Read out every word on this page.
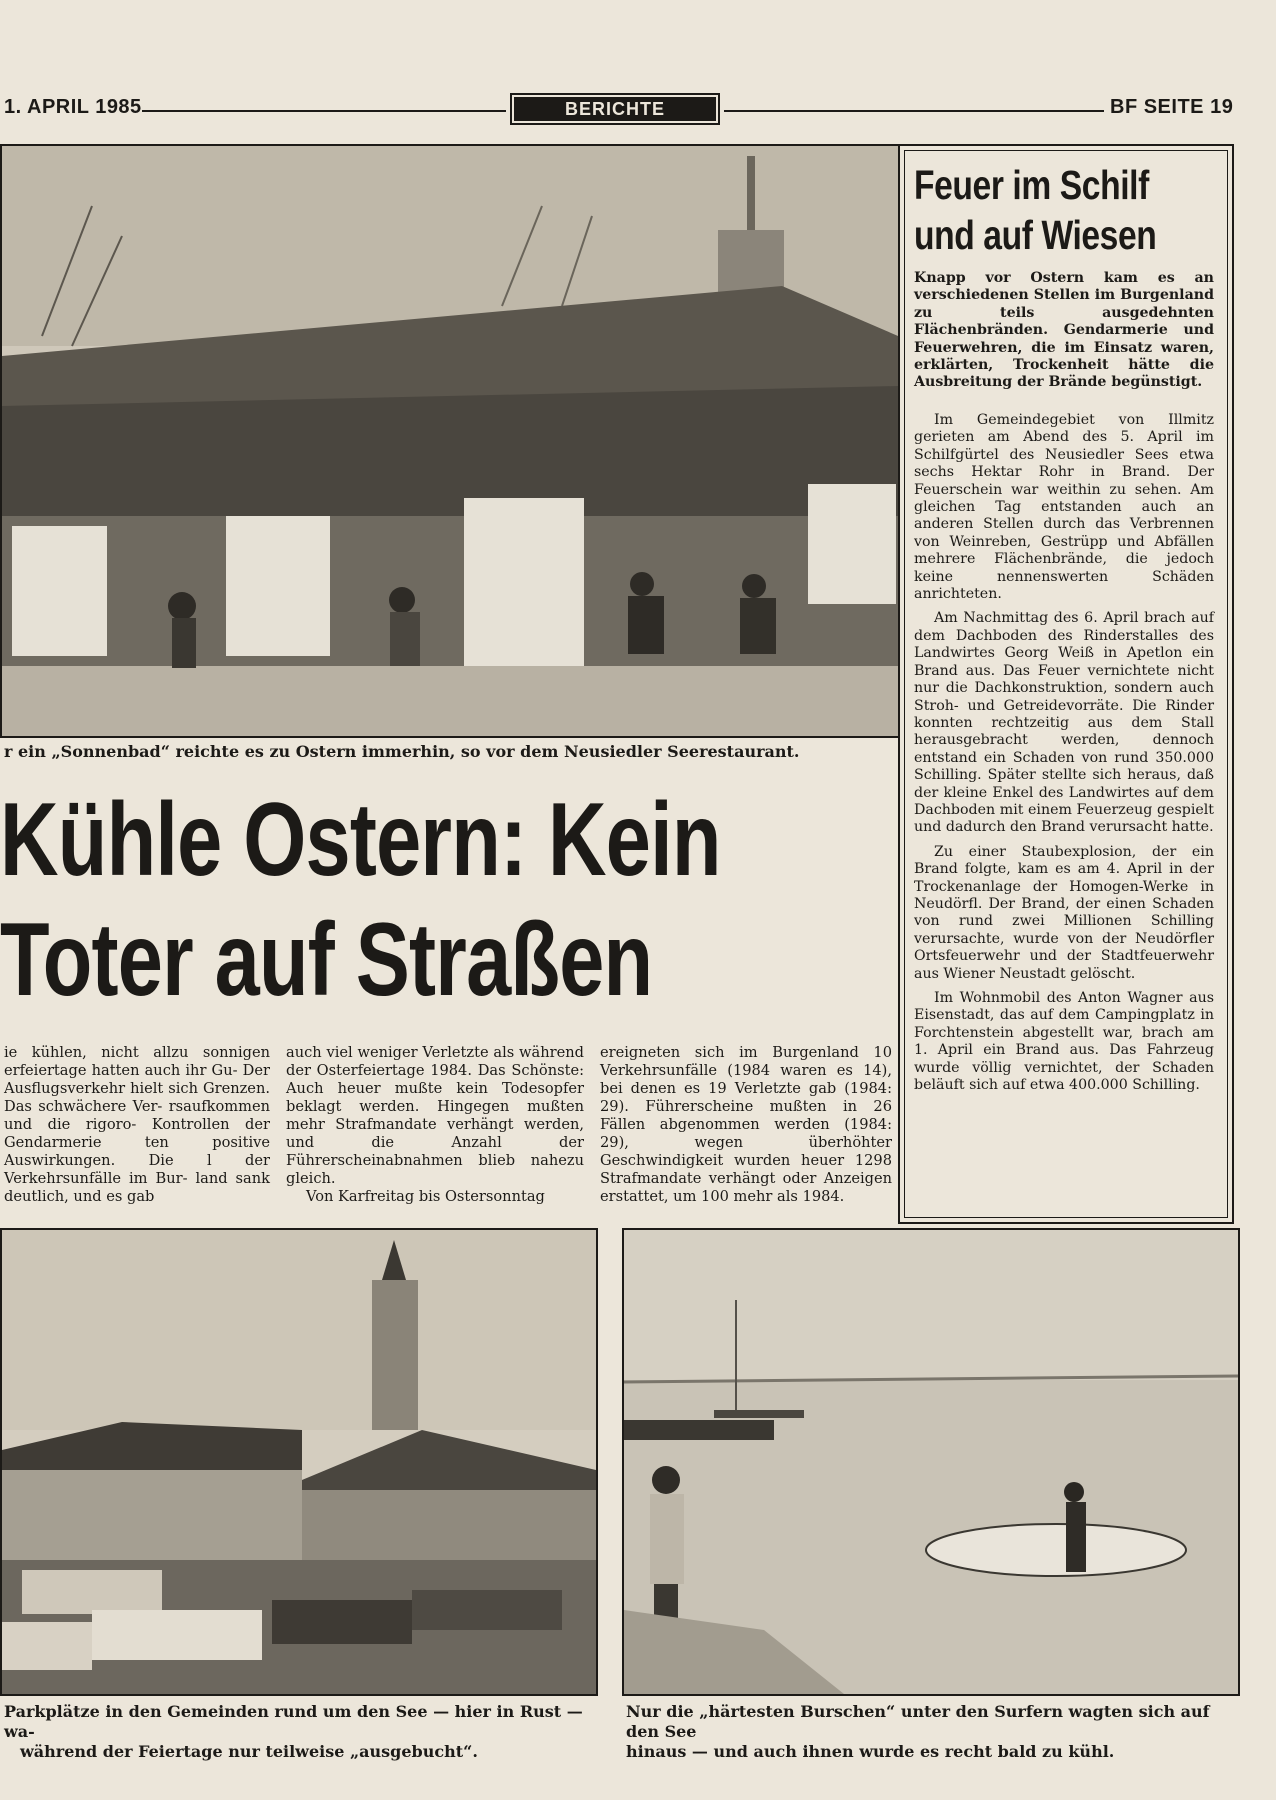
1. APRIL 1985	BERICHTE	BF SEITE 19
r ein „Sonnenbad“ reichte es zu Ostern immerhin, so vor dem Neusiedler Seerestaurant.
Feuer im Schilf
und auf Wiesen

Knapp vor Ostern kam es an verschiedenen Stellen im Burgenland zu teils ausgedehnten Flächenbränden. Gendarmerie und Feuerwehren, die im Einsatz waren, erklärten, Trockenheit hätte die Ausbreitung der Brände begünstigt.

Im Gemeindegebiet von Illmitz gerieten am Abend des 5. April im Schilfgürtel des Neusiedler Sees etwa sechs Hektar Rohr in Brand. Der Feuerschein war weithin zu sehen. Am gleichen Tag entstanden auch an anderen Stellen durch das Verbrennen von Weinreben, Gestrüpp und Abfällen mehrere Flächenbrände, die jedoch keine nennenswerten Schäden anrichteten.

Am Nachmittag des 6. April brach auf dem Dachboden des Rinderstalles des Landwirtes Georg Weiß in Apetlon ein Brand aus. Das Feuer vernichtete nicht nur die Dachkonstruktion, sondern auch Stroh- und Getreidevorräte. Die Rinder konnten rechtzeitig aus dem Stall herausgebracht werden, dennoch entstand ein Schaden von rund 350.000 Schilling. Später stellte sich heraus, daß der kleine Enkel des Landwirtes auf dem Dachboden mit einem Feuerzeug gespielt und dadurch den Brand verursacht hatte.

Zu einer Staubexplosion, der ein Brand folgte, kam es am 4. April in der Trockenanlage der Homogen-Werke in Neudörfl. Der Brand, der einen Schaden von rund zwei Millionen Schilling verursachte, wurde von der Neudörfler Ortsfeuerwehr und der Stadtfeuerwehr aus Wiener Neustadt gelöscht.

Im Wohnmobil des Anton Wagner aus Eisenstadt, das auf dem Campingplatz in Forchtenstein abgestellt war, brach am 1. April ein Brand aus. Das Fahrzeug wurde völlig vernichtet, der Schaden beläuft sich auf etwa 400.000 Schilling.

Kühle Ostern: Kein
Toter auf Straßen

ie kühlen, nicht allzu sonnigen erfeiertage hatten auch ihr Gu- Der Ausflugsverkehr hielt sich Grenzen. Das schwächere Ver- rsaufkommen und die rigoro- Kontrollen der Gendarmerie ten positive Auswirkungen. Die l der Verkehrsunfälle im Bur- land sank deutlich, und es gab

auch viel weniger Verletzte als während der Osterfeiertage 1984. Das Schönste: Auch heuer mußte kein Todesopfer beklagt werden. Hingegen mußten mehr Strafmandate verhängt werden, und die Anzahl der Führerscheinabnahmen blieb nahezu gleich.

Von Karfreitag bis Ostersonntag

ereigneten sich im Burgenland 10 Verkehrsunfälle (1984 waren es 14), bei denen es 19 Verletzte gab (1984: 29). Führerscheine mußten in 26 Fällen abgenommen werden (1984: 29), wegen überhöhter Geschwindigkeit wurden heuer 1298 Strafmandate verhängt oder Anzeigen erstattet, um 100 mehr als 1984.

Parkplätze in den Gemeinden rund um den See — hier in Rust — wa-
während der Feiertage nur teilweise „ausgebucht“.
Nur die „härtesten Burschen“ unter den Surfern wagten sich auf den See
hinaus — und auch ihnen wurde es recht bald zu kühl.
